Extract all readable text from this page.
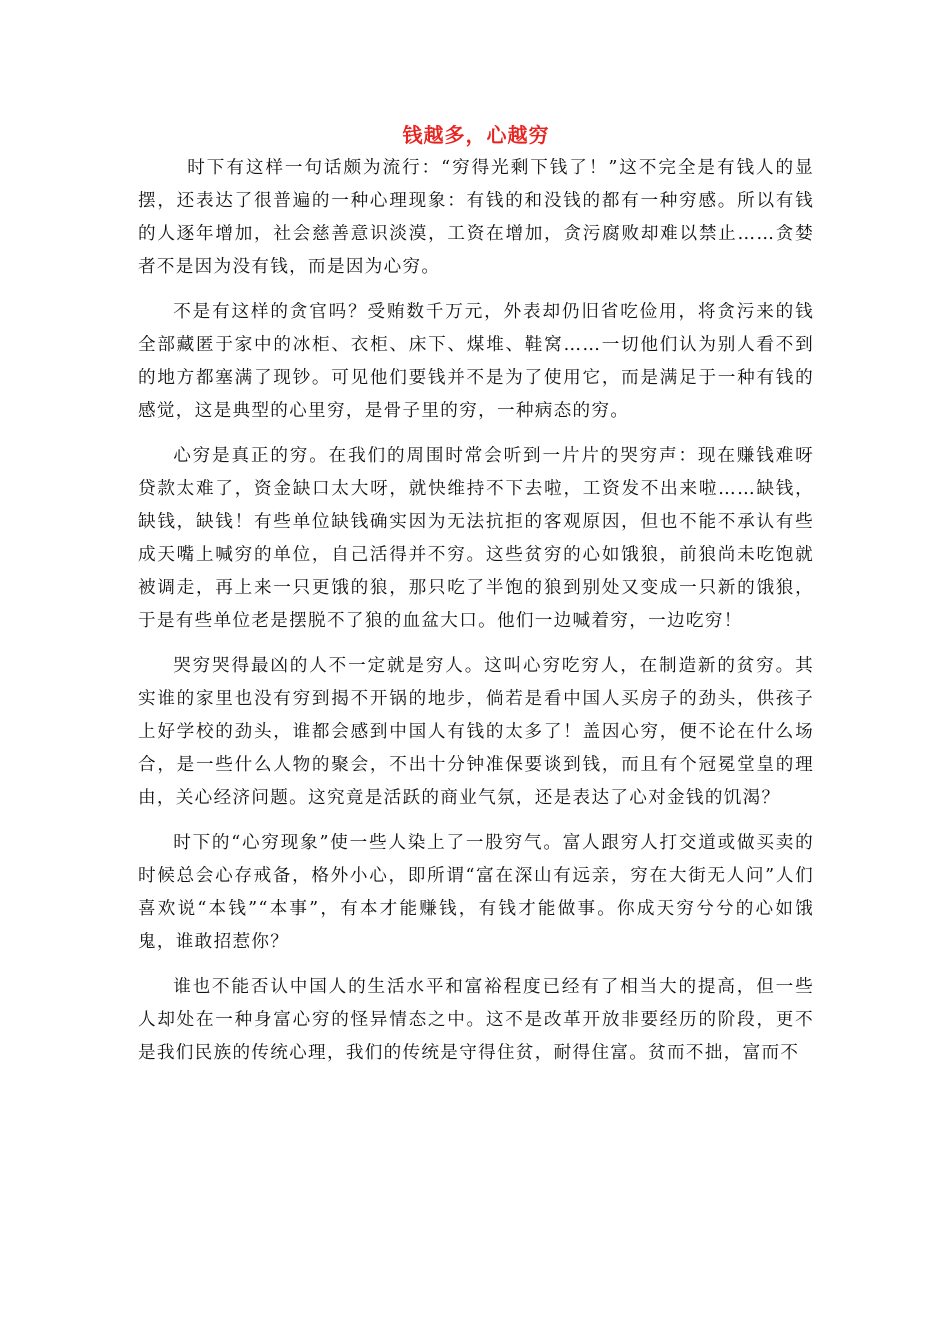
钱越多，心越穷

时下有这样一句话颇为流行：“穷得光剩下钱了！”这不完全是有钱人的显摆，还表达了很普遍的一种心理现象：有钱的和没钱的都有一种穷感。所以有钱的人逐年增加，社会慈善意识淡漠，工资在增加，贪污腐败却难以禁止……贪婪者不是因为没有钱，而是因为心穷。

不是有这样的贪官吗？受贿数千万元，外表却仍旧省吃俭用，将贪污来的钱全部藏匿于家中的冰柜、衣柜、床下、煤堆、鞋窝……一切他们认为别人看不到的地方都塞满了现钞。可见他们要钱并不是为了使用它，而是满足于一种有钱的感觉，这是典型的心里穷，是骨子里的穷，一种病态的穷。

心穷是真正的穷。在我们的周围时常会听到一片片的哭穷声：现在赚钱难呀贷款太难了，资金缺口太大呀，就快维持不下去啦，工资发不出来啦……缺钱，缺钱，缺钱！有些单位缺钱确实因为无法抗拒的客观原因，但也不能不承认有些成天嘴上喊穷的单位，自己活得并不穷。这些贫穷的心如饿狼，前狼尚未吃饱就被调走，再上来一只更饿的狼，那只吃了半饱的狼到别处又变成一只新的饿狼，于是有些单位老是摆脱不了狼的血盆大口。他们一边喊着穷，一边吃穷！

哭穷哭得最凶的人不一定就是穷人。这叫心穷吃穷人，在制造新的贫穷。其实谁的家里也没有穷到揭不开锅的地步，倘若是看中国人买房子的劲头，供孩子上好学校的劲头，谁都会感到中国人有钱的太多了！盖因心穷，便不论在什么场合，是一些什么人物的聚会，不出十分钟准保要谈到钱，而且有个冠冕堂皇的理由，关心经济问题。这究竟是活跃的商业气氛，还是表达了心对金钱的饥渴？

时下的“心穷现象”使一些人染上了一股穷气。富人跟穷人打交道或做买卖的时候总会心存戒备，格外小心，即所谓“富在深山有远亲，穷在大街无人问”人们喜欢说“本钱”“本事”，有本才能赚钱，有钱才能做事。你成天穷兮兮的心如饿鬼，谁敢招惹你？

谁也不能否认中国人的生活水平和富裕程度已经有了相当大的提高，但一些人却处在一种身富心穷的怪异情态之中。这不是改革开放非要经历的阶段，更不是我们民族的传统心理，我们的传统是守得住贫，耐得住富。贫而不拙，富而不
